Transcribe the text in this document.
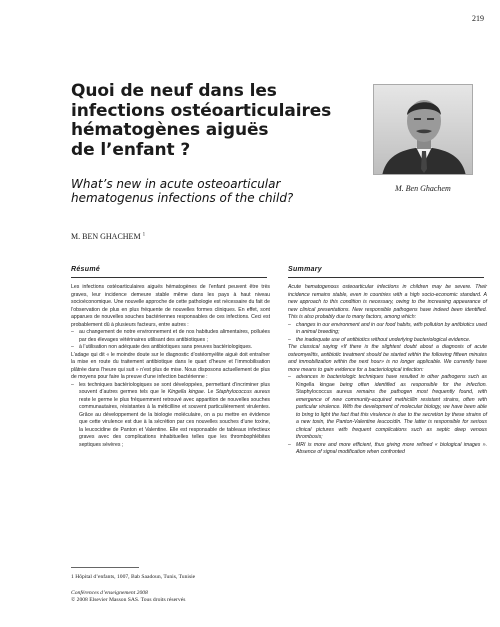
219
Quoi de neuf dans les
infections ostéoarticulaires
hématogènes aiguës
de l’enfant ?
What’s new in acute osteoarticular
hematogenus infections of the child?
M. Ben Ghachem
M. BEN GHACHEM $^1$
Résumé	Summary

Les infections ostéoarticulaires aiguës hématogènes de l’enfant peuvent être très graves, leur incidence demeure stable même dans les pays à haut niveau socioéconomique. Une nouvelle approche de cette pathologie est nécessaire du fait de l’observation de plus en plus fréquente de nouvelles formes cliniques. En effet, sont apparues de nouvelles souches bactériennes responsables de ces infections. Ceci est probablement dû à plusieurs facteurs, entre autres :

– au changement de notre environnement et de nos habitudes alimentaires, polluées par des élevages vétérinaires utilisant des antibiotiques ;
– à l’utilisation non adéquate des antibiotiques sans preuves bactériologiques.

L’adage qui dit « le moindre doute sur le diagnostic d’ostéomyélite aiguë doit entraîner la mise en route du traitement antibiotique dans le quart d’heure et l’immobilisation plâtrée dans l’heure qui suit » n’est plus de mise. Nous disposons actuellement de plus de moyens pour faire la preuve d’une infection bactérienne :

– les techniques bactériologiques se sont développées, permettant d’incriminer plus souvent d’autres germes tels que le Kingella kingae. Le Staphylococcus aureus reste le germe le plus fréquemment retrouvé avec apparition de nouvelles souches communautaires, résistantes à la méticilline et souvent particulièrement virulentes. Grâce au développement de la biologie moléculaire, on a pu mettre en évidence que cette virulence est due à la sécrétion par ces nouvelles souches d’une toxine, la leucocidine de Panton et Valentine. Elle est responsable de tableaux infectieux graves avec des complications inhabituelles telles que les thrombophlébites septiques sévères ;

Acute hematogenous osteoarticular infections in children may be severe. Their incidence remains stable, even in countries with a high socio-economic standard. A new approach to this condition is necessary, owing to the increasing appearance of new clinical presentations. New responsible pathogens have indeed been identified. This is also probably due to many factors, among which:

– changes in our environment and in our food habits, with pollution by antibiotics used in animal breeding;
– the inadequate use of antibiotics without underlying bacteriological evidence.

The classical saying «If there is the slightest doubt about a diagnosis of acute osteomyelitis, antibiotic treatment should be started within the following fifteen minutes and immobilization within the next hour» is no longer applicable. We currently have more means to gain evidence for a bacteriological infection:

– advances in bacteriologic techniques have resulted in other pathogens such as Kingella kingae being often identified as responsible for the infection. Staphylococcus aureus remains the pathogen most frequently found, with emergence of new community-acquired methicillin resistant strains, often with particular virulence. With the development of molecular biology, we have been able to bring to light the fact that this virulence is due to the secretion by these strains of a new toxin, the Panton-Valentine leucocidin. The latter is responsible for serious clinical pictures with frequent complications such as septic deep venous thrombosis;
– MRI is more and more efficient, thus giving more refined « biological images ». Absence of signal modification when confronted
1 Hôpital d’enfants, 1007, Bab Saadoun, Tunis, Tunisie
Conférences d’enseignement 2008
© 2008 Elsevier Masson SAS. Tous droits réservés
